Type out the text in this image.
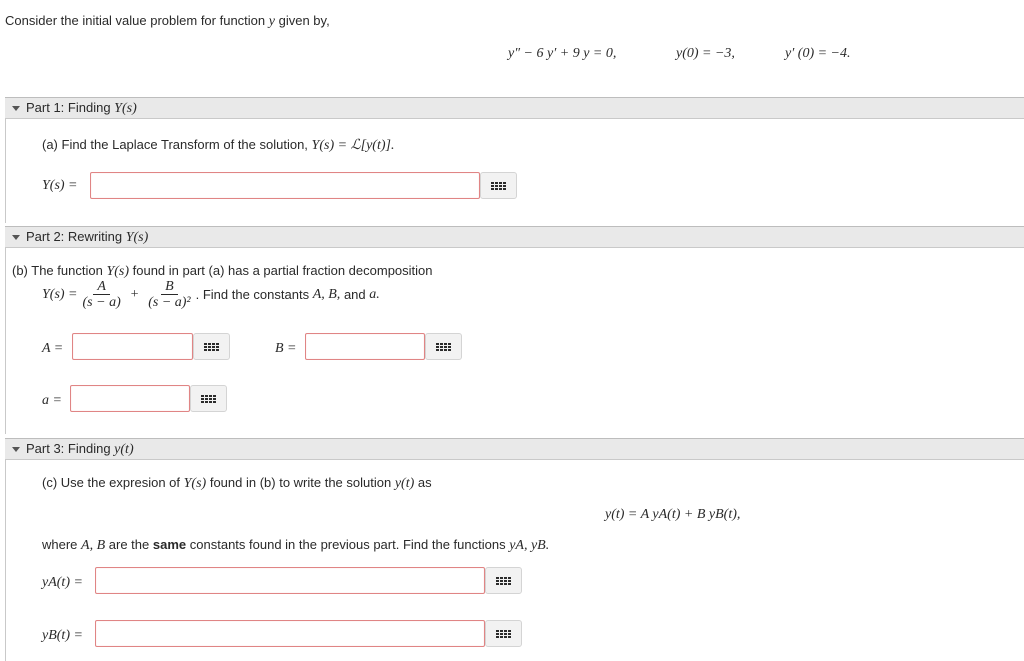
Consider the initial value problem for function y given by,
y″ − 6 y′ + 9 y = 0,	y(0) = −3,	y′ (0) = −4.
Part 1: Finding Y(s)
(a) Find the Laplace Transform of the solution, Y(s) = ℒ[y(t)].
Y(s) =
Part 2: Rewriting Y(s)
(b) The function Y(s) found in part (a) has a partial fraction decomposition
$Y(s) = \frac{A}{(s - a)} + \frac{B}{\text{(s − a)²}}$ . Find the constants
A, B,
and
a.
A =	B =
a =
Part 3: Finding y(t)
(c) Use the expresion of Y(s) found in (b) to write the solution y(t) as
y(t) = A yA(t) + B yB(t),
where A, B are the same constants found in the previous part. Find the functions yA, yB.
yA(t) =
yB(t) =
